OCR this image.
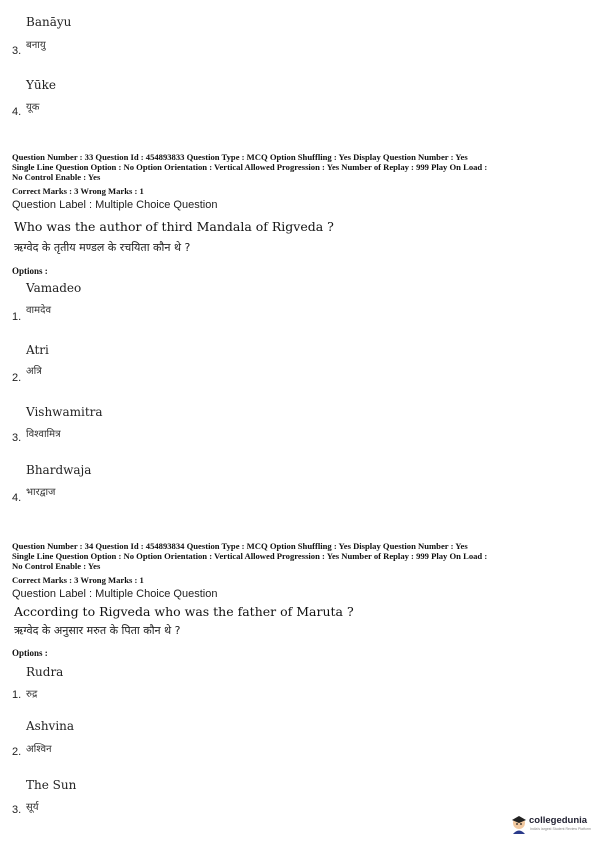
Banāyu
3. बनायु
Yūke
4. यूक
Question Number : 33 Question Id : 454893833 Question Type : MCQ Option Shuffling : Yes Display Question Number : Yes
Single Line Question Option : No Option Orientation : Vertical Allowed Progression : Yes Number of Replay : 999 Play On Load :
No Control Enable : Yes
Correct Marks : 3 Wrong Marks : 1
Question Label : Multiple Choice Question
Who was the author of third Mandala of Rigveda ?
ऋग्वेद के तृतीय मण्डल के रचयिता कौन थे ?
Options :
Vamadeo
वामदेव
1.
Atri
अत्रि
2.
Vishwamitra
विश्वामित्र
3.
Bhardwaja
भारद्वाज
4.
Question Number : 34 Question Id : 454893834 Question Type : MCQ Option Shuffling : Yes Display Question Number : Yes
Single Line Question Option : No Option Orientation : Vertical Allowed Progression : Yes Number of Replay : 999 Play On Load :
No Control Enable : Yes
Correct Marks : 3 Wrong Marks : 1
Question Label : Multiple Choice Question
According to Rigveda who was the father of Maruta ?
ऋग्वेद के अनुसार मरुत के पिता कौन थे ?
Options :
Rudra
रुद्र
1.
Ashvina
अश्विन
2.
The Sun
सूर्य
3.
collegedunia
India's largest Student Review Platform
